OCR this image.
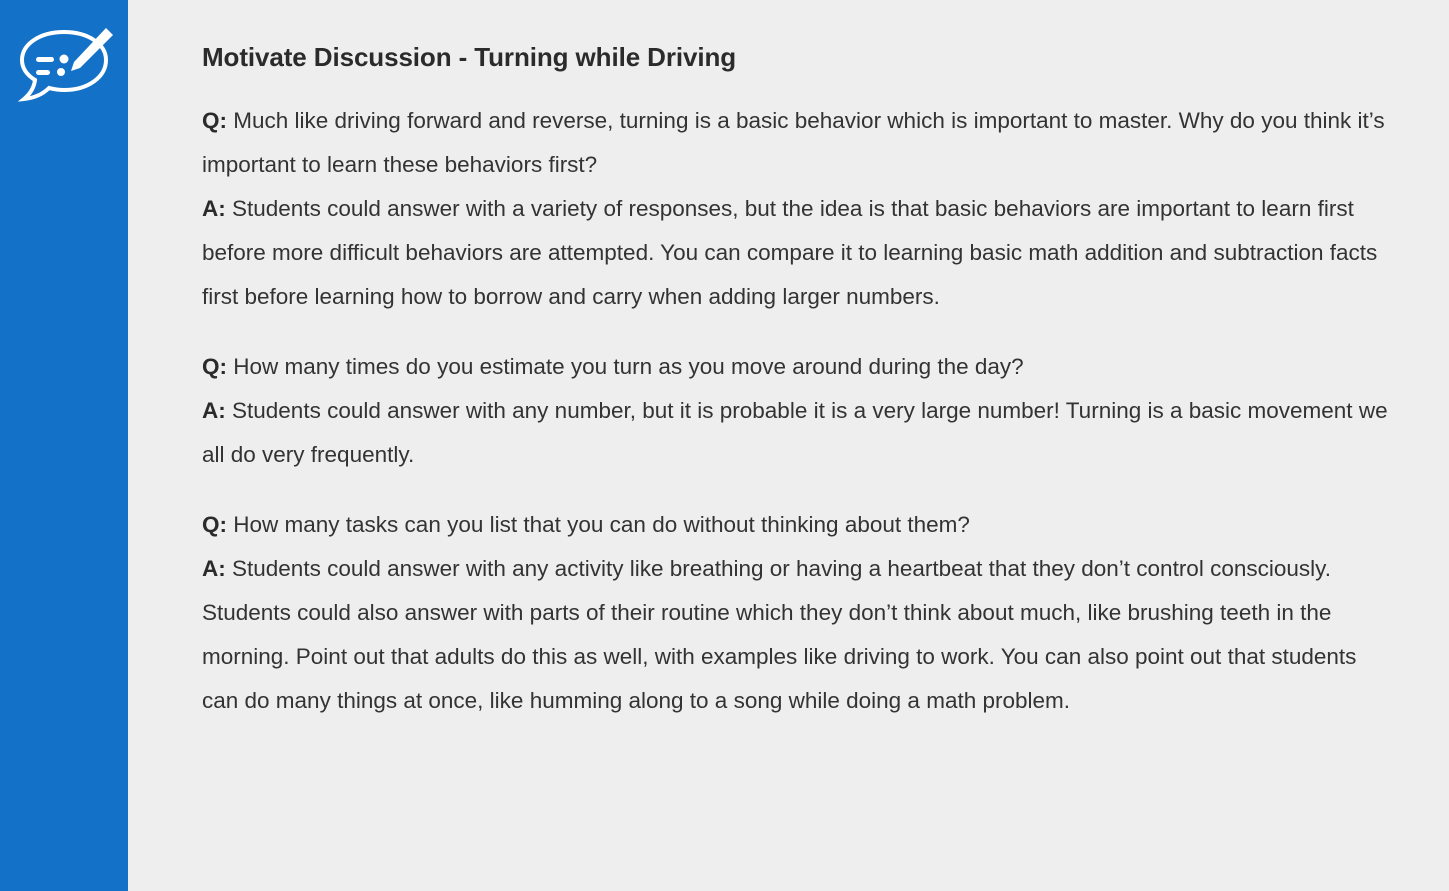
Motivate Discussion - Turning while Driving

Q: Much like driving forward and reverse, turning is a basic behavior which is important to master. Why do you think it’s important to learn these behaviors first?

A: Students could answer with a variety of responses, but the idea is that basic behaviors are important to learn first before more difficult behaviors are attempted. You can compare it to learning basic math addition and subtraction facts first before learning how to borrow and carry when adding larger numbers.

Q: How many times do you estimate you turn as you move around during the day?

A: Students could answer with any number, but it is probable it is a very large number! Turning is a basic movement we all do very frequently.

Q: How many tasks can you list that you can do without thinking about them?

A: Students could answer with any activity like breathing or having a heartbeat that they don’t control consciously. Students could also answer with parts of their routine which they don’t think about much, like brushing teeth in the morning. Point out that adults do this as well, with examples like driving to work. You can also point out that students can do many things at once, like humming along to a song while doing a math problem.
